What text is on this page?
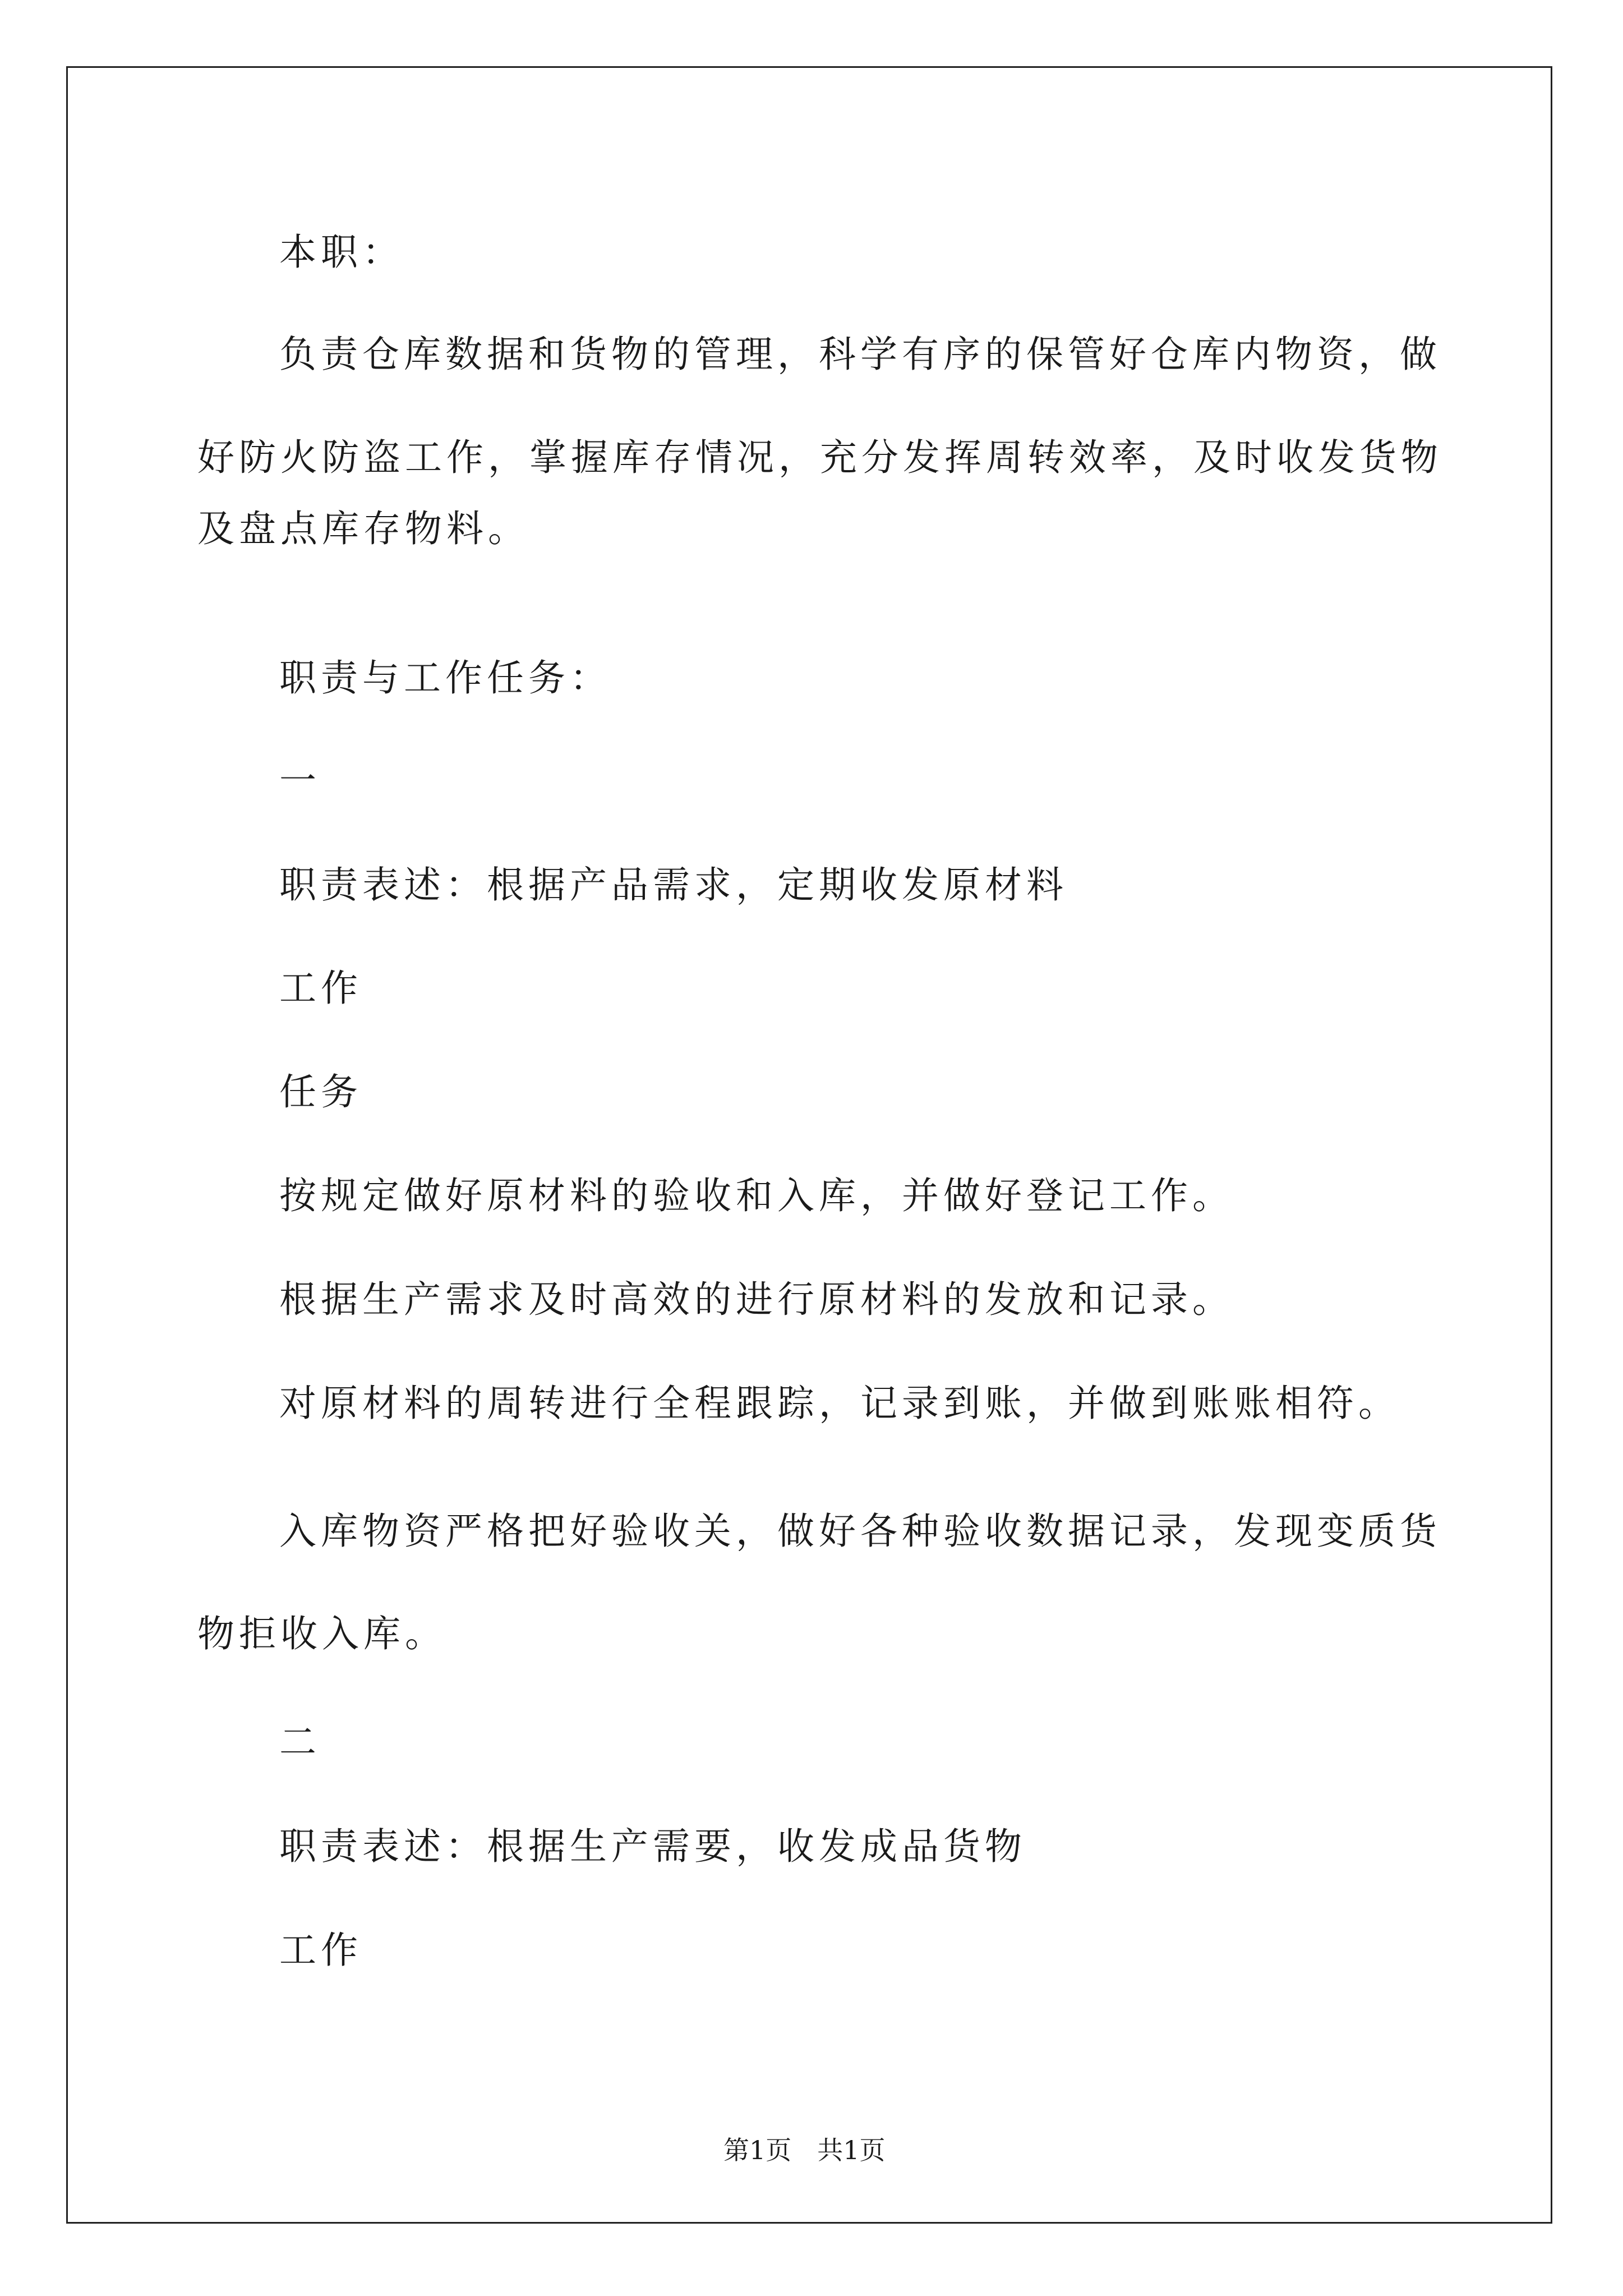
本职：
负责仓库数据和货物的管理，科学有序的保管好仓库内物资，做
好防火防盗工作，掌握库存情况，充分发挥周转效率，及时收发货物
及盘点库存物料。
职责与工作任务：
一
职责表述：根据产品需求，定期收发原材料
工作
任务
按规定做好原材料的验收和入库，并做好登记工作。
根据生产需求及时高效的进行原材料的发放和记录。
对原材料的周转进行全程跟踪，记录到账，并做到账账相符。
入库物资严格把好验收关，做好各种验收数据记录，发现变质货
物拒收入库。
二
职责表述：根据生产需要，收发成品货物
工作
第1页　共1页
